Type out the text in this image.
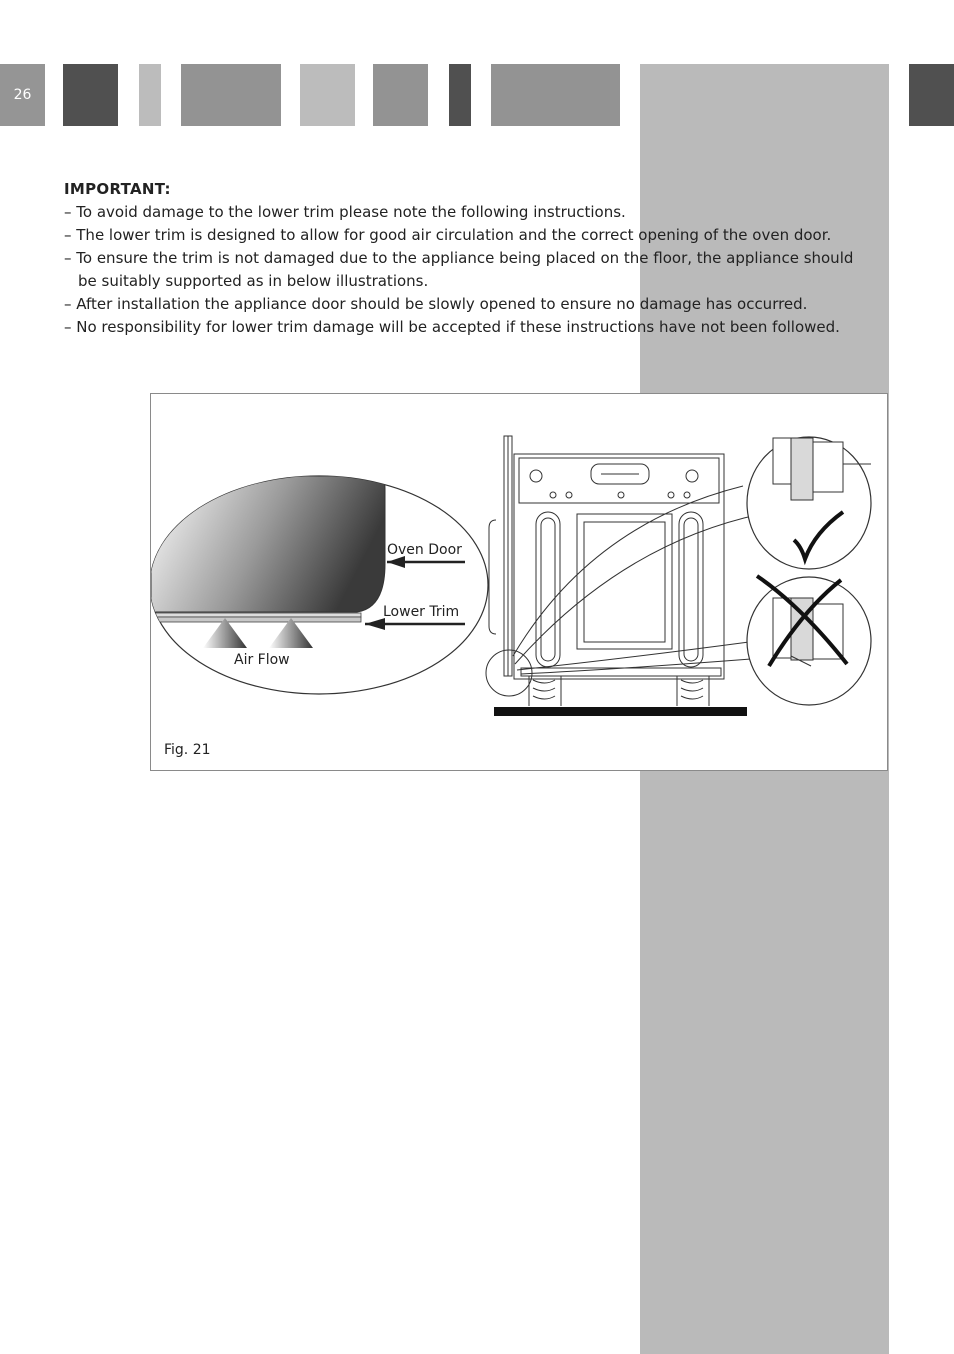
26
IMPORTANT:
– To avoid damage to the lower trim please note the following instructions.
– The lower trim is designed to allow for good air circulation and the correct opening of the oven door.
– To ensure the trim is not damaged due to the appliance being placed on the floor, the appliance should be suitably supported as in below illustrations.
– After installation the appliance door should be slowly opened to ensure no damage has occurred.
– No responsibility for lower trim damage will be accepted if these instructions have not been followed.
Oven Door
Lower Trim
Air Flow
Fig. 21
